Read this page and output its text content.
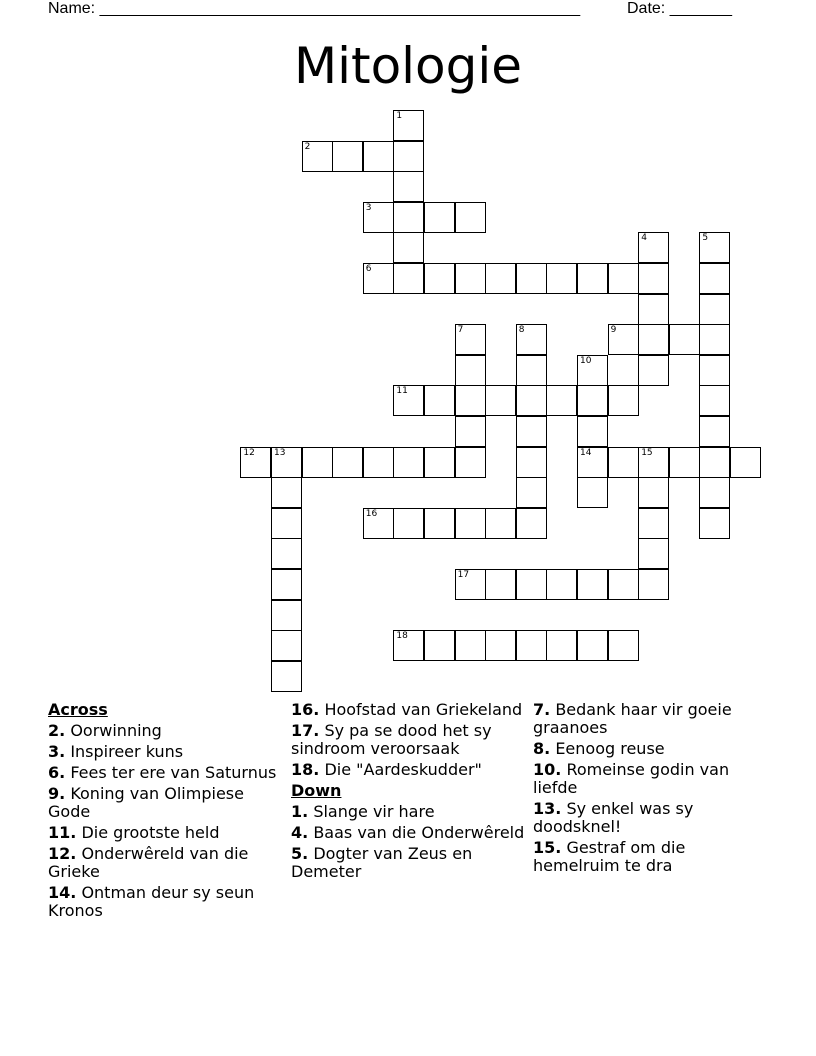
Name: ______________________________________________________	Date: _______
Mitologie
1
2
3
4	5
6
7	8	9
10
11
12 13	14	15
16
17
18
Across
2. Oorwinning
3. Inspireer kuns
6. Fees ter ere van Saturnus
9. Koning van Olimpiese Gode
11. Die grootste held
12. Onderwêreld van die Grieke
14. Ontman deur sy seun Kronos
16. Hoofstad van Griekeland
17. Sy pa se dood het sy sindroom veroorsaak
18. Die "Aardeskudder"
Down
1. Slange vir hare
4. Baas van die Onderwêreld
5. Dogter van Zeus en Demeter
7. Bedank haar vir goeie graanoes
8. Eenoog reuse
10. Romeinse godin van liefde
13. Sy enkel was sy doodsknel!
15. Gestraf om die hemelruim te dra
